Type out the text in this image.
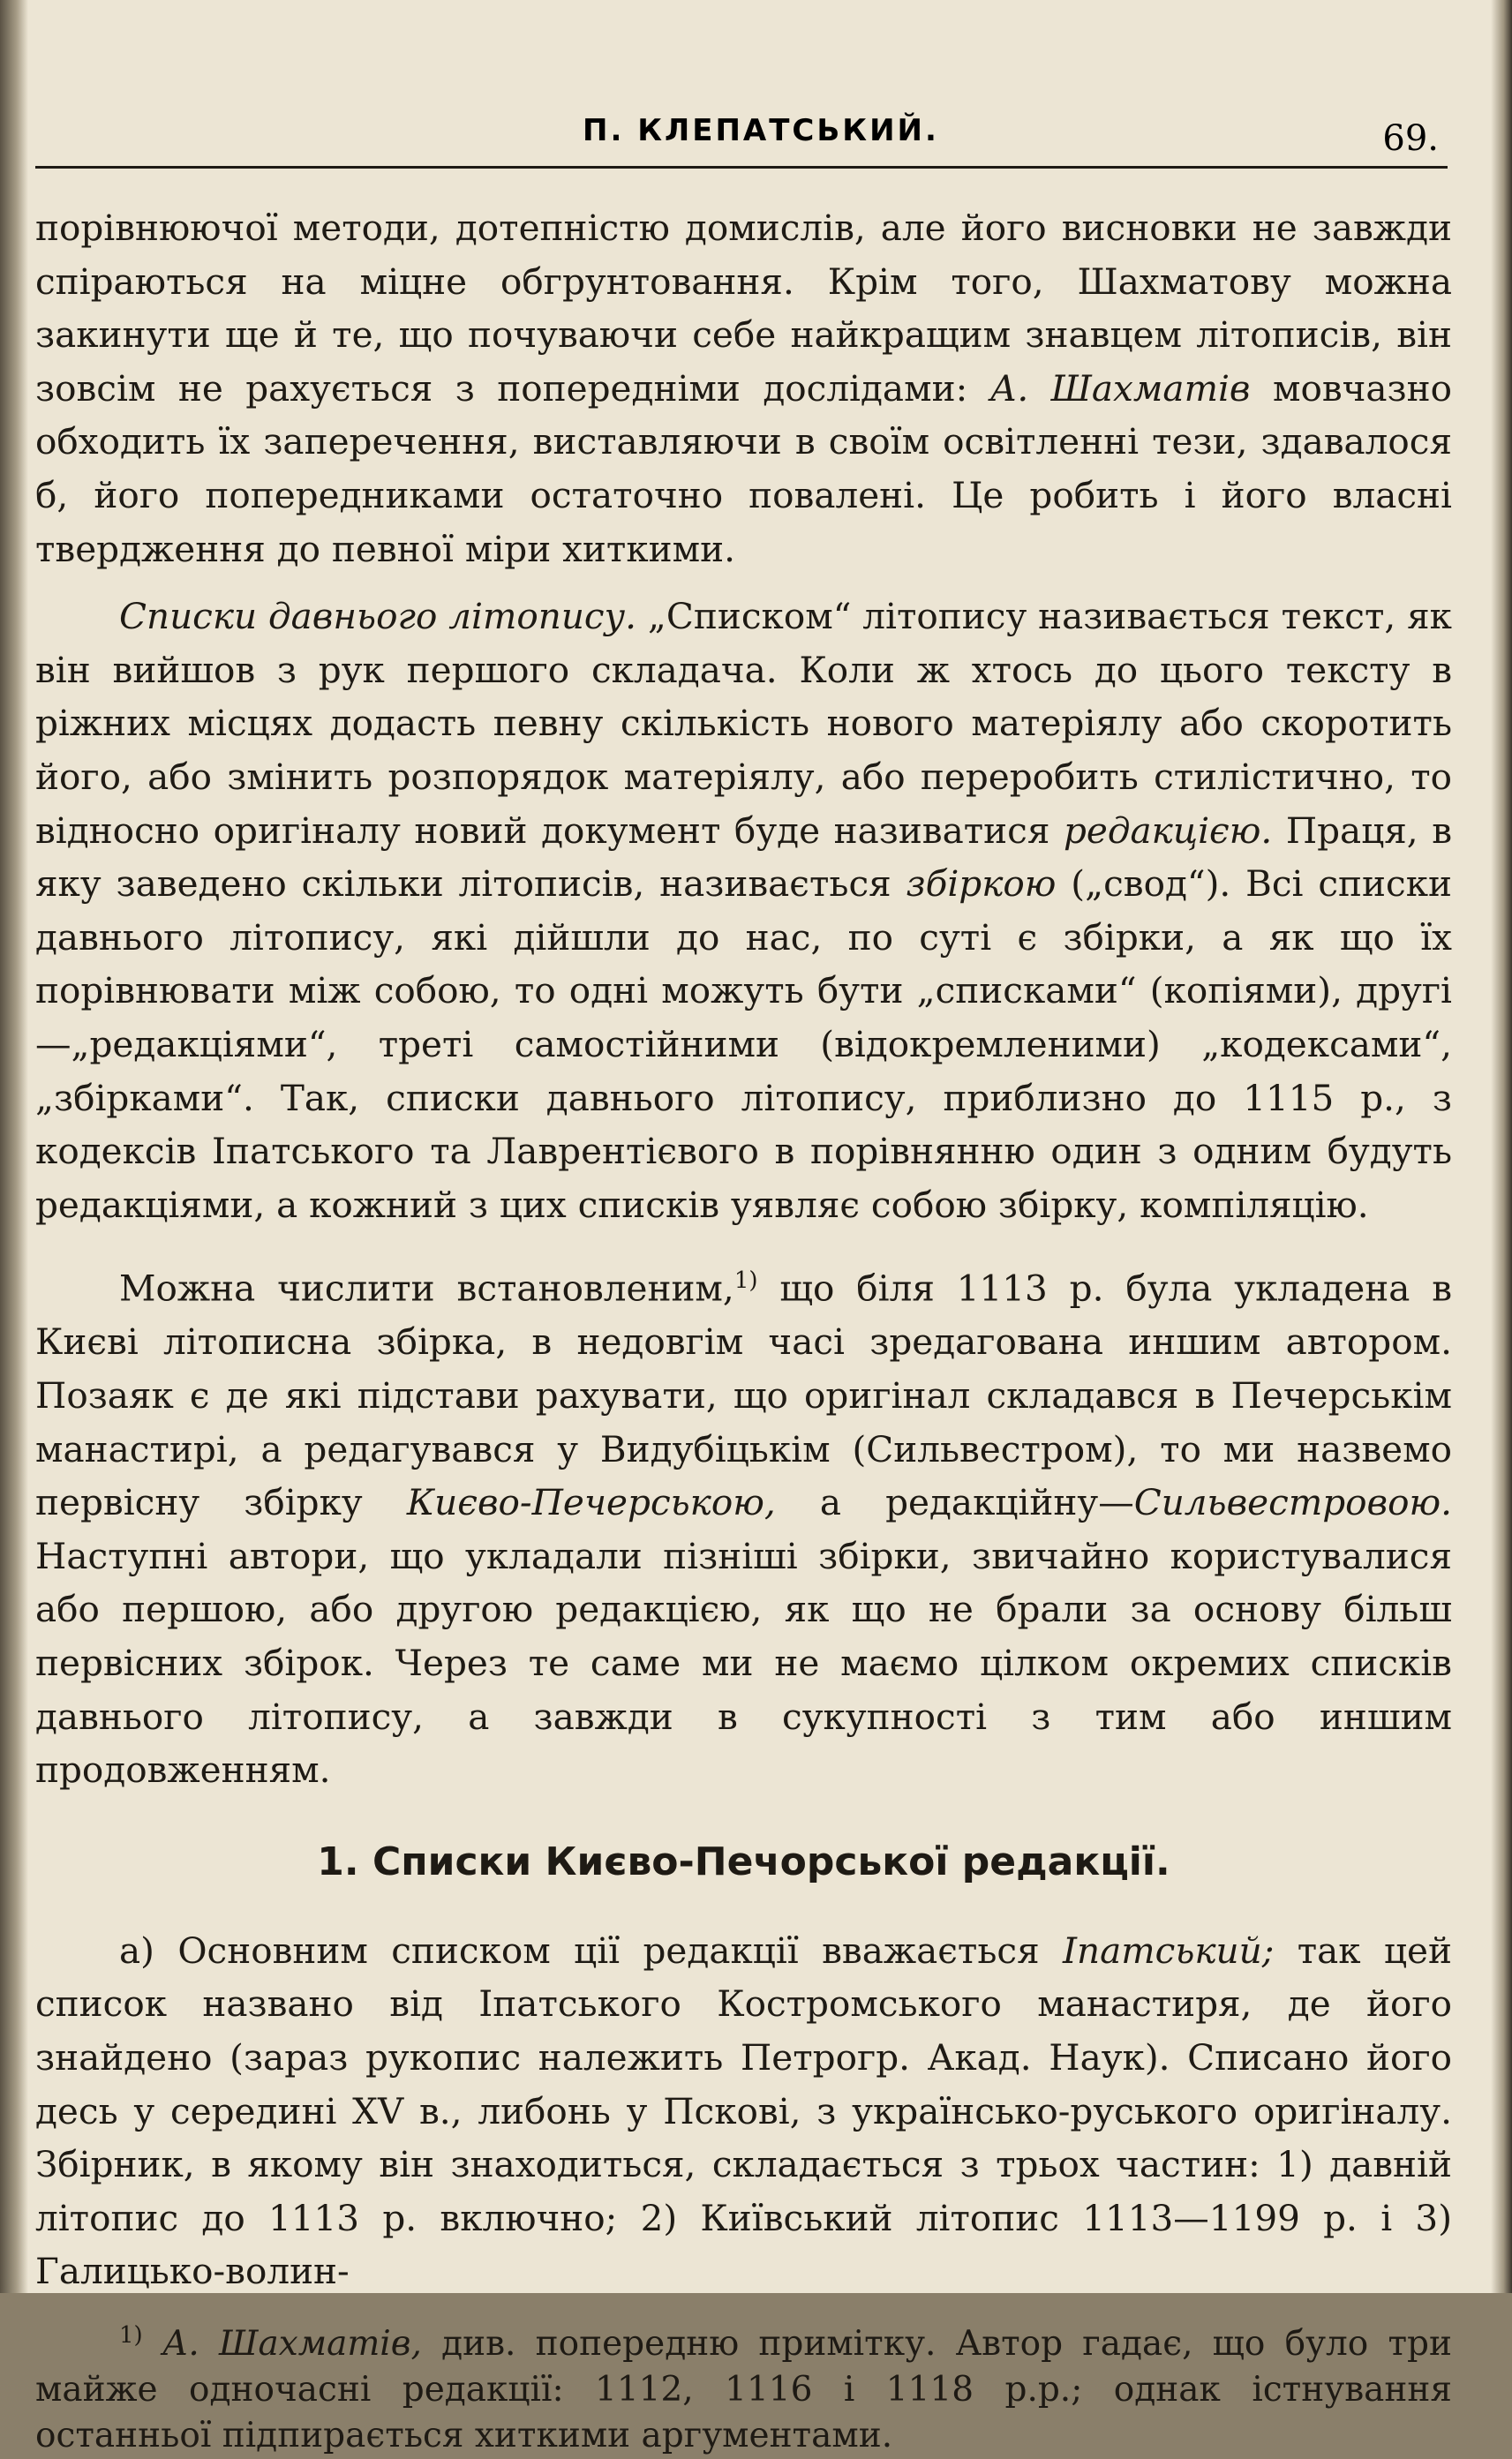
П. КЛЕПАТСЬКИЙ.	69.

порівнюючої методи, дотепністю домислів, але його висновки не завжди спіраються на міцне обгрунтовання. Крім того, Шахматову можна закинути ще й те, що почуваючи себе найкращим знавцем літописів, він зовсім не рахується з попередніми дослідами: А. Шахматів мовчазно обходить їх заперечення, виставляючи в своїм освітленні тези, здавалося б, його попередниками остаточно повалені. Це робить і його власні твердження до певної міри хиткими.

Списки давнього літопису. „Списком“ літопису називається текст, як він вийшов з рук першого складача. Коли ж хтось до цього тексту в ріжних місцях додасть певну скількість нового матеріялу або скоротить його, або змінить розпорядок матеріялу, або переробить стилістично, то відносно оригіналу новий документ буде називатися редакцією. Праця, в яку заведено скільки літописів, називається збіркою („свод“). Всі списки давнього літопису, які дійшли до нас, по суті є збірки, а як що їх порівнювати між собою, то одні можуть бути „списками“ (копіями), другі—„редакціями“, треті самостійними (відокремленими) „кодексами“, „збірками“. Так, списки давнього літопису, приблизно до 1115 р., з кодексів Іпатського та Лаврентієвого в порівнянню один з одним будуть редакціями, а кожний з цих списків уявляє собою збірку, компіляцію.

Можна числити встановленим,$^{1)}$ що біля 1113 р. була укладена в Києві літописна збірка, в недовгім часі зредагована иншим автором. Позаяк є де які підстави рахувати, що оригінал складався в Печерськім манастирі, а редагувався у Видубіцькім (Сильвестром), то ми назвемо первісну збірку Києво-Печерською, а редакційну—Сильвестровою. Наступні автори, що укладали пізніші збірки, звичайно користувалися або першою, або другою редакцією, як що не брали за основу більш первісних збірок. Через те саме ми не маємо цілком окремих списків давнього літопису, а завжди в сукупності з тим або иншим продовженням.

1. Списки Києво-Печорської редакції.

а) Основним списком ції редакції вважається Іпатський; так цей список названо від Іпатського Костромського манастиря, де його знайдено (зараз рукопис належить Петрогр. Акад. Наук). Списано його десь у середині XV в., либонь у Пскові, з українсько-руського оригіналу. Збірник, в якому він знаходиться, складається з трьох частин: 1) давній літопис до 1113 р. включно; 2) Київський літопис 1113—1199 р. і 3) Галицько-волин-

$^{1)}$ А. Шахматів, див. попередню примітку. Автор гадає, що було три майже одночасні редакції: 1112, 1116 і 1118 р.р.; однак істнування останньої підпирається хиткими аргументами.
